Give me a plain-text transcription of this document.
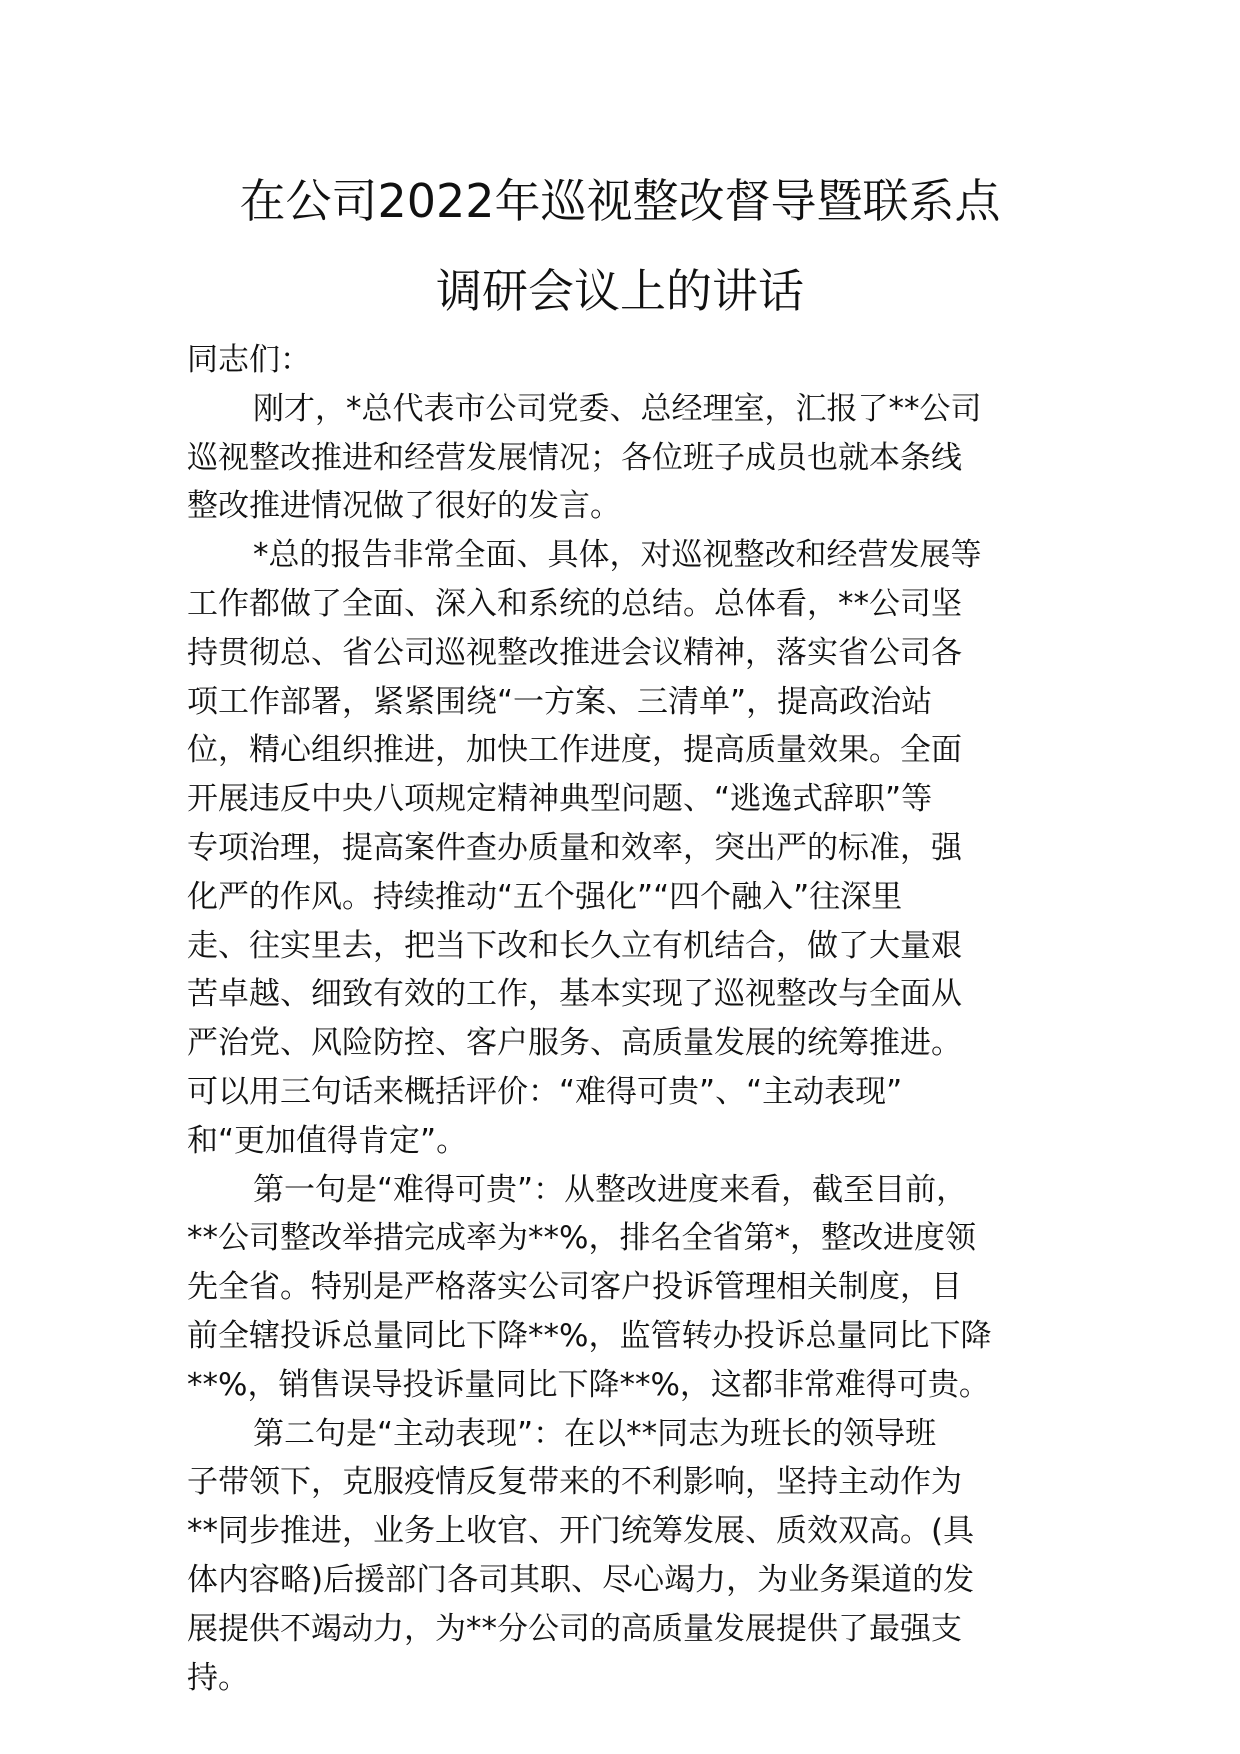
在公司2022年巡视整改督导暨联系点
调研会议上的讲话
同志们：
刚才，*总代表市公司党委、总经理室，汇报了**公司
巡视整改推进和经营发展情况；各位班子成员也就本条线
整改推进情况做了很好的发言。
*总的报告非常全面、具体，对巡视整改和经营发展等
工作都做了全面、深入和系统的总结。总体看，**公司坚
持贯彻总、省公司巡视整改推进会议精神，落实省公司各
项工作部署，紧紧围绕“一方案、三清单”，提高政治站
位，精心组织推进，加快工作进度，提高质量效果。全面
开展违反中央八项规定精神典型问题、“逃逸式辞职”等
专项治理，提高案件查办质量和效率，突出严的标准，强
化严的作风。持续推动“五个强化”“四个融入”往深里
走、往实里去，把当下改和长久立有机结合，做了大量艰
苦卓越、细致有效的工作，基本实现了巡视整改与全面从
严治党、风险防控、客户服务、高质量发展的统筹推进。
可以用三句话来概括评价：“难得可贵”、“主动表现”
和“更加值得肯定”。
第一句是“难得可贵”：从整改进度来看，截至目前，
**公司整改举措完成率为**%，排名全省第*，整改进度领
先全省。特别是严格落实公司客户投诉管理相关制度，目
前全辖投诉总量同比下降**%，监管转办投诉总量同比下降
**%，销售误导投诉量同比下降**%，这都非常难得可贵。
第二句是“主动表现”：在以**同志为班长的领导班
子带领下，克服疫情反复带来的不利影响，坚持主动作为
**同步推进，业务上收官、开门统筹发展、质效双高。(具
体内容略)后援部门各司其职、尽心竭力，为业务渠道的发
展提供不竭动力，为**分公司的高质量发展提供了最强支
持。
